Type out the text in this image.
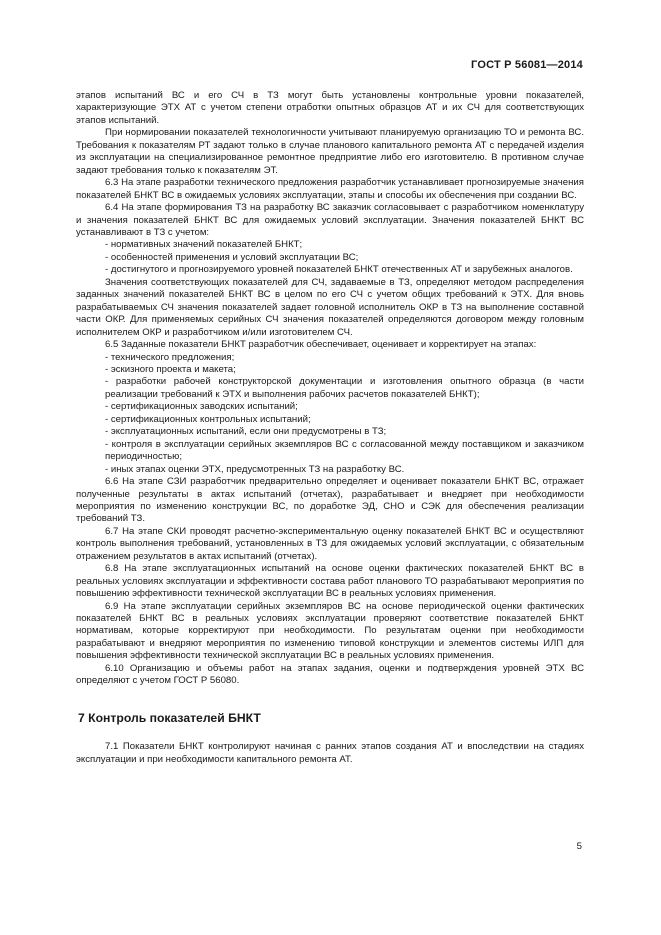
ГОСТ Р 56081—2014

этапов испытаний ВС и его СЧ в ТЗ могут быть установлены контрольные уровни показателей, характеризующие ЭТХ АТ с учетом степени отработки опытных образцов АТ и их СЧ для соответствующих этапов испытаний.

При нормировании показателей технологичности учитывают планируемую организацию ТО и ремонта ВС. Требования к показателям РТ задают только в случае планового капитального ремонта АТ с передачей изделия из эксплуатации на специализированное ремонтное предприятие либо его изготовителю. В противном случае задают требования только к показателям ЭТ.

6.3 На этапе разработки технического предложения разработчик устанавливает прогнозируемые значения показателей БНКТ ВС в ожидаемых условиях эксплуатации, этапы и способы их обеспечения при создании ВС.

6.4 На этапе формирования ТЗ на разработку ВС заказчик согласовывает с разработчиком номенклатуру и значения показателей БНКТ ВС для ожидаемых условий эксплуатации. Значения показателей БНКТ ВС устанавливают в ТЗ с учетом:

- нормативных значений показателей БНКТ;

- особенностей применения и условий эксплуатации ВС;

- достигнутого и прогнозируемого уровней показателей БНКТ отечественных АТ и зарубежных аналогов.

Значения соответствующих показателей для СЧ, задаваемые в ТЗ, определяют методом распределения заданных значений показателей БНКТ ВС в целом по его СЧ с учетом общих требований к ЭТХ. Для вновь разрабатываемых СЧ значения показателей задает головной исполнитель ОКР в ТЗ на выполнение составной части ОКР. Для применяемых серийных СЧ значения показателей определяются договором между головным исполнителем ОКР и разработчиком и/или изготовителем СЧ.

6.5 Заданные показатели БНКТ разработчик обеспечивает, оценивает и корректирует на этапах:

- технического предложения;

- эскизного проекта и макета;

- разработки рабочей конструкторской документации и изготовления опытного образца (в части реализации требований к ЭТХ и выполнения рабочих расчетов показателей БНКТ);

- сертификационных заводских испытаний;

- сертификационных контрольных испытаний;

- эксплуатационных испытаний, если они предусмотрены в ТЗ;

- контроля в эксплуатации серийных экземпляров ВС с согласованной между поставщиком и заказчиком периодичностью;

- иных этапах оценки ЭТХ, предусмотренных ТЗ на разработку ВС.

6.6 На этапе СЗИ разработчик предварительно определяет и оценивает показатели БНКТ ВС, отражает полученные результаты в актах испытаний (отчетах), разрабатывает и внедряет при необходимости мероприятия по изменению конструкции ВС, по доработке ЭД, СНО и СЭК для обеспечения реализации требований ТЗ.

6.7 На этапе СКИ проводят расчетно-экспериментальную оценку показателей БНКТ ВС и осуществляют контроль выполнения требований, установленных в ТЗ для ожидаемых условий эксплуатации, с обязательным отражением результатов в актах испытаний (отчетах).

6.8 На этапе эксплуатационных испытаний на основе оценки фактических показателей БНКТ ВС в реальных условиях эксплуатации и эффективности состава работ планового ТО разрабатывают мероприятия по повышению эффективности технической эксплуатации ВС в реальных условиях применения.

6.9 На этапе эксплуатации серийных экземпляров ВС на основе периодической оценки фактических показателей БНКТ ВС в реальных условиях эксплуатации проверяют соответствие показателей БНКТ нормативам, которые корректируют при необходимости. По результатам оценки при необходимости разрабатывают и внедряют мероприятия по изменению типовой конструкции и элементов системы ИЛП для повышения эффективности технической эксплуатации ВС в реальных условиях применения.

6.10 Организацию и объемы работ на этапах задания, оценки и подтверждения уровней ЭТХ ВС определяют с учетом ГОСТ Р 56080.

7 Контроль показателей БНКТ

7.1 Показатели БНКТ контролируют начиная с ранних этапов создания АТ и впоследствии на стадиях эксплуатации и при необходимости капитального ремонта АТ.

5
